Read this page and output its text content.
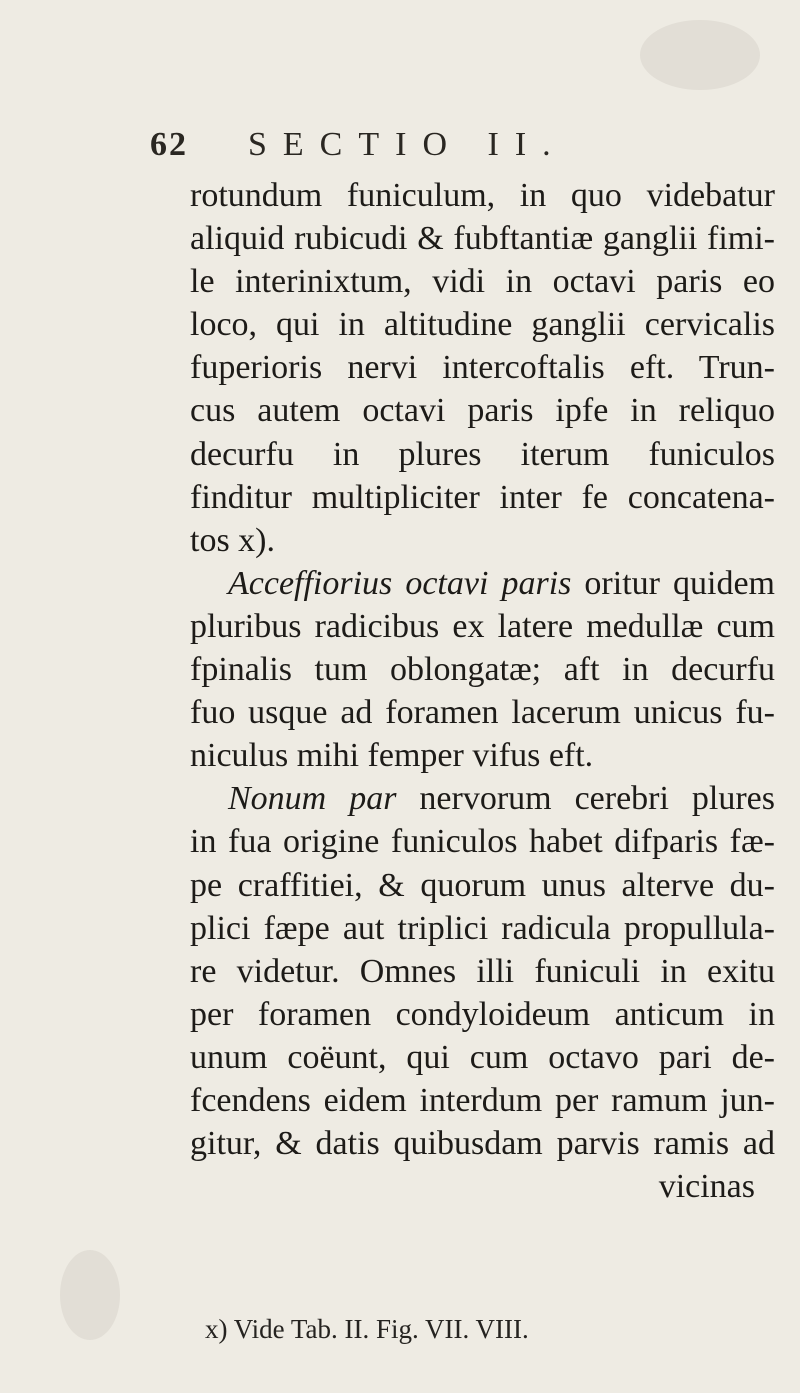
62 SECTIO II.
rotundum funiculum, in quo videbatur
aliquid rubicudi & fubftantiæ ganglii fimi-
le interinixtum, vidi in octavi paris eo
loco, qui in altitudine ganglii cervicalis
fuperioris nervi intercoftalis eft. Trun-
cus autem octavi paris ipfe in reliquo
decurfu in plures iterum funiculos
finditur multipliciter inter fe concatena-
tos x).
Acceffiorius octavi paris oritur quidem
pluribus radicibus ex latere medullæ cum
fpinalis tum oblongatæ; aft in decurfu
fuo usque ad foramen lacerum unicus fu-
niculus mihi femper vifus eft.
Nonum par nervorum cerebri plures
in fua origine funiculos habet difparis fæ-
pe craffitiei, & quorum unus alterve du-
plici fæpe aut triplici radicula propullula-
re videtur. Omnes illi funiculi in exitu
per foramen condyloideum anticum in
unum coëunt, qui cum octavo pari de-
fcendens eidem interdum per ramum jun-
gitur, & datis quibusdam parvis ramis ad
vicinas
x) Vide Tab. II. Fig. VII. VIII.
